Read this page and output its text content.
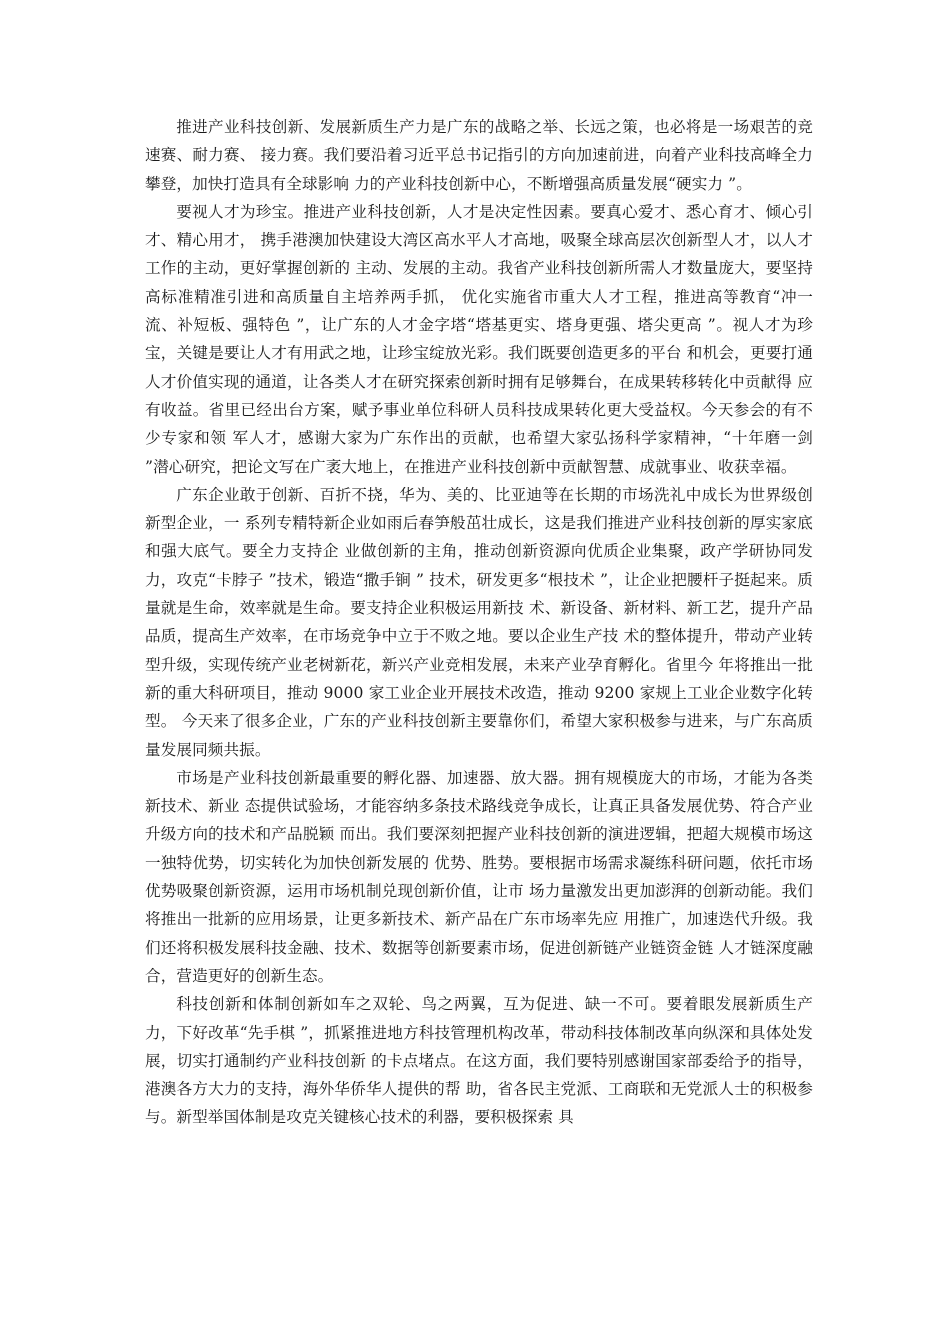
推进产业科技创新、发展新质生产力是广东的战略之举、长远之策，也必将是一场艰苦的竞速赛、耐力赛、 接力赛。我们要沿着习近平总书记指引的方向加速前进，向着产业科技高峰全力攀登，加快打造具有全球影响 力的产业科技创新中心，不断增强高质量发展“硬实力 ”。

要视人才为珍宝。推进产业科技创新，人才是决定性因素。要真心爱才、悉心育才、倾心引才、精心用才， 携手港澳加快建设大湾区高水平人才高地，吸聚全球高层次创新型人才，以人才工作的主动，更好掌握创新的 主动、发展的主动。我省产业科技创新所需人才数量庞大，要坚持高标准精准引进和高质量自主培养两手抓， 优化实施省市重大人才工程，推进高等教育“冲一流、补短板、强特色 ”，让广东的人才金字塔“塔基更实、塔身更强、塔尖更高 ”。视人才为珍宝，关键是要让人才有用武之地，让珍宝绽放光彩。我们既要创造更多的平台 和机会，更要打通人才价值实现的通道，让各类人才在研究探索创新时拥有足够舞台，在成果转移转化中贡献得 应有收益。省里已经出台方案，赋予事业单位科研人员科技成果转化更大受益权。今天参会的有不少专家和领 军人才，感谢大家为广东作出的贡献，也希望大家弘扬科学家精神，“十年磨一剑 ”潜心研究，把论文写在广袤大地上，在推进产业科技创新中贡献智慧、成就事业、收获幸福。

广东企业敢于创新、百折不挠，华为、美的、比亚迪等在长期的市场洗礼中成长为世界级创新型企业，一 系列专精特新企业如雨后春笋般茁壮成长，这是我们推进产业科技创新的厚实家底和强大底气。要全力支持企 业做创新的主角，推动创新资源向优质企业集聚，政产学研协同发力，攻克“卡脖子 ”技术，锻造“撒手锏 ” 技术，研发更多“根技术 ”，让企业把腰杆子挺起来。质量就是生命，效率就是生命。要支持企业积极运用新技 术、新设备、新材料、新工艺，提升产品品质，提高生产效率，在市场竞争中立于不败之地。要以企业生产技 术的整体提升，带动产业转型升级，实现传统产业老树新花，新兴产业竞相发展，未来产业孕育孵化。省里今 年将推出一批新的重大科研项目，推动 9000 家工业企业开展技术改造，推动 9200 家规上工业企业数字化转型。 今天来了很多企业，广东的产业科技创新主要靠你们，希望大家积极参与进来，与广东高质量发展同频共振。

市场是产业科技创新最重要的孵化器、加速器、放大器。拥有规模庞大的市场，才能为各类新技术、新业 态提供试验场，才能容纳多条技术路线竞争成长，让真正具备发展优势、符合产业升级方向的技术和产品脱颖 而出。我们要深刻把握产业科技创新的演进逻辑，把超大规模市场这一独特优势，切实转化为加快创新发展的 优势、胜势。要根据市场需求凝练科研问题，依托市场优势吸聚创新资源，运用市场机制兑现创新价值，让市 场力量激发出更加澎湃的创新动能。我们将推出一批新的应用场景，让更多新技术、新产品在广东市场率先应 用推广，加速迭代升级。我们还将积极发展科技金融、技术、数据等创新要素市场，促进创新链产业链资金链 人才链深度融合，营造更好的创新生态。

科技创新和体制创新如车之双轮、鸟之两翼，互为促进、缺一不可。要着眼发展新质生产力，下好改革“先手棋 ”，抓紧推进地方科技管理机构改革，带动科技体制改革向纵深和具体处发展，切实打通制约产业科技创新 的卡点堵点。在这方面，我们要特别感谢国家部委给予的指导，港澳各方大力的支持，海外华侨华人提供的帮 助，省各民主党派、工商联和无党派人士的积极参与。新型举国体制是攻克关键核心技术的利器，要积极探索 具
